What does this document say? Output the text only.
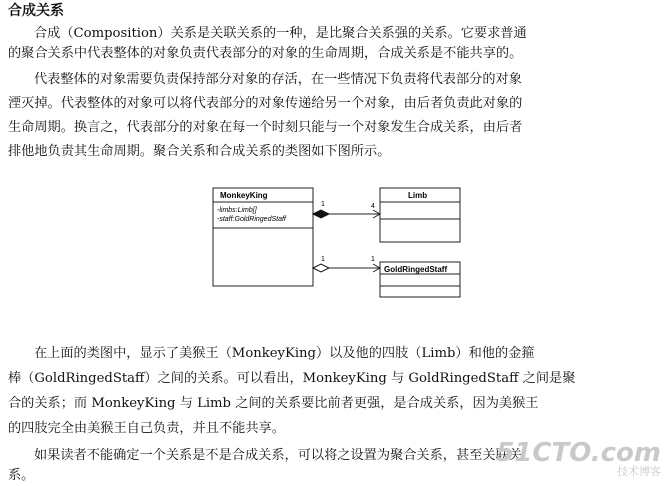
合成关系
合成（Composition）关系是关联关系的一种，是比聚合关系强的关系。它要求普通
的聚合关系中代表整体的对象负责代表部分的对象的生命周期，合成关系是不能共享的。
代表整体的对象需要负责保持部分对象的存活，在一些情况下负责将代表部分的对象
湮灭掉。代表整体的对象可以将代表部分的对象传递给另一个对象，由后者负责此对象的
生命周期。换言之，代表部分的对象在每一个时刻只能与一个对象发生合成关系，由后者
排他地负责其生命周期。聚合关系和合成关系的类图如下图所示。
MonkeyKing
-limbs:Limb[]
-staff:GoldRingedStaff
Limb
GoldRingedStaff
1	4
1	1
在上面的类图中，显示了美猴王（MonkeyKing）以及他的四肢（Limb）和他的金箍
棒（GoldRingedStaff）之间的关系。可以看出，MonkeyKing 与 GoldRingedStaff 之间是聚
合的关系；而 MonkeyKing 与 Limb 之间的关系要比前者更强，是合成关系，因为美猴王
的四肢完全由美猴王自己负责，并且不能共享。
如果读者不能确定一个关系是不是合成关系，可以将之设置为聚合关系，甚至关联关
系。
51CTO.com
技术博客
